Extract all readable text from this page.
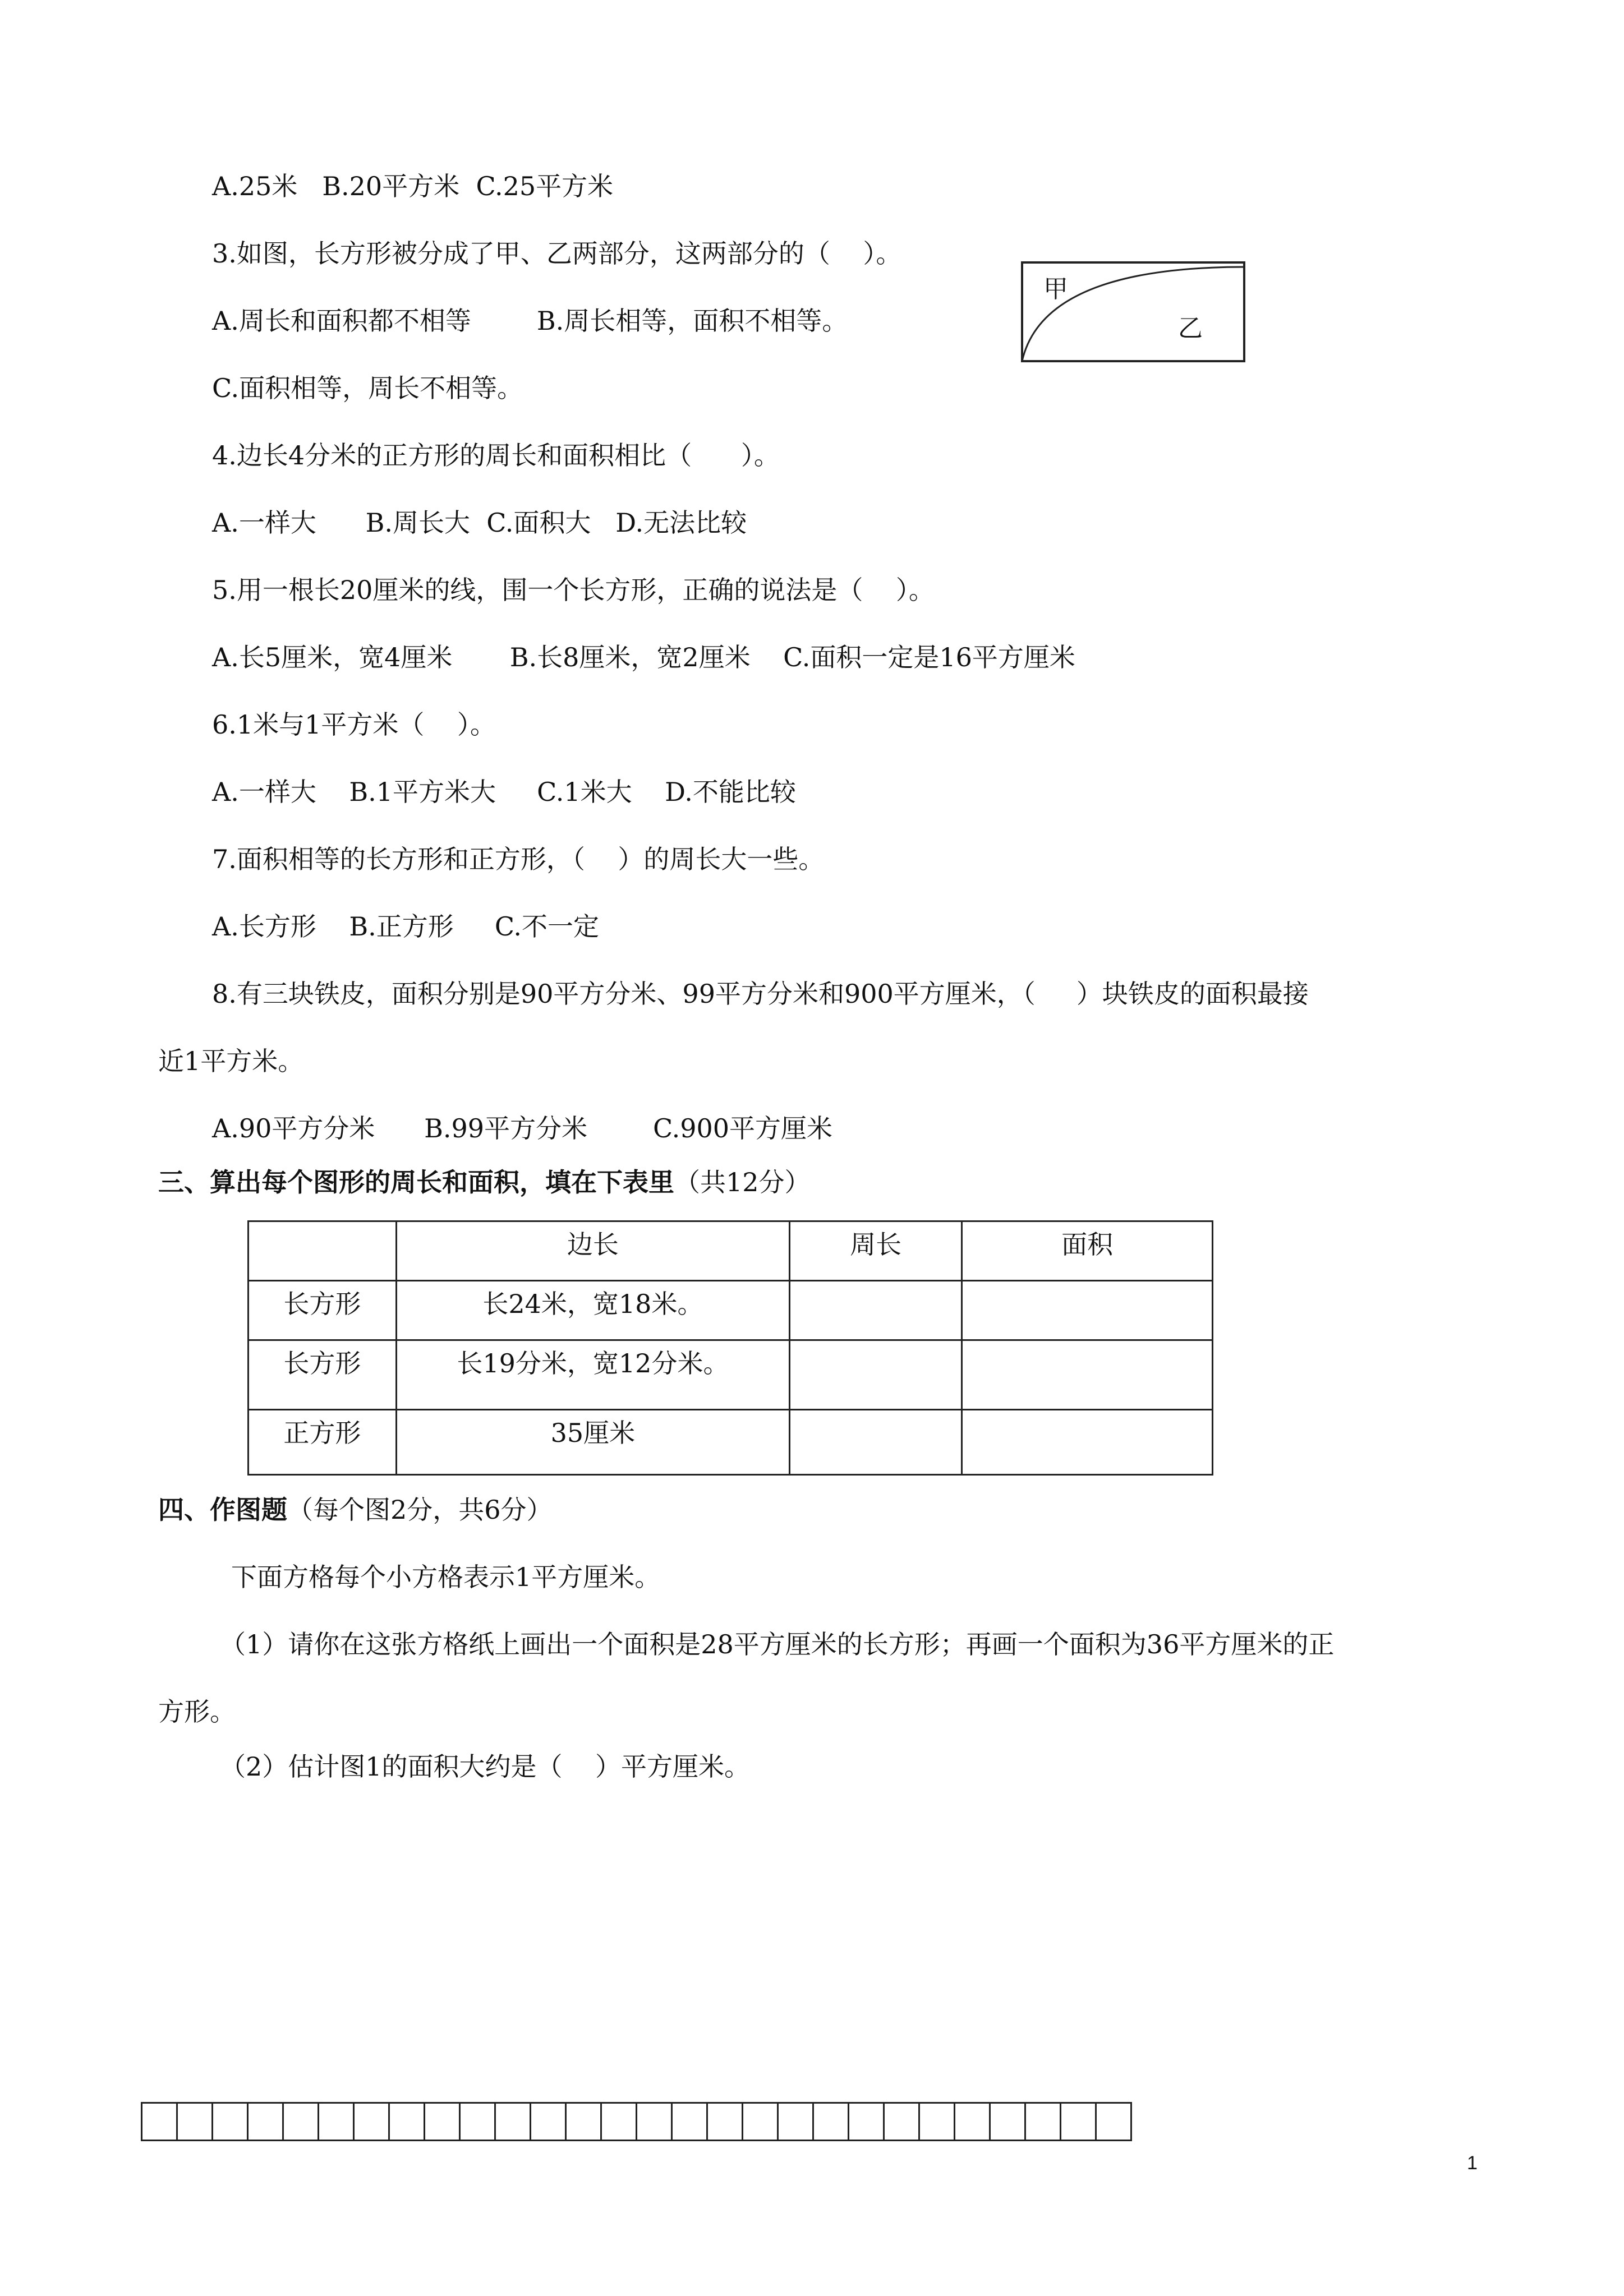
A.25米   B.20平方米  C.25平方米
3.如图，长方形被分成了甲、乙两部分，这两部分的（    ）。
A.周长和面积都不相等        B.周长相等，面积不相等。
C.面积相等，周长不相等。
4.边长4分米的正方形的周长和面积相比（      ）。
A.一样大      B.周长大  C.面积大   D.无法比较
5.用一根长20厘米的线，围一个长方形，正确的说法是（    ）。
A.长5厘米，宽4厘米       B.长8厘米，宽2厘米    C.面积一定是16平方厘米
6.1米与1平方米（    ）。
A.一样大    B.1平方米大     C.1米大    D.不能比较
7.面积相等的长方形和正方形，（    ）的周长大一些。
A.长方形    B.正方形     C.不一定
8.有三块铁皮，面积分别是90平方分米、99平方分米和900平方厘米，（     ）块铁皮的面积最接
近1平方米。
A.90平方分米      B.99平方分米        C.900平方厘米
甲
乙
三、算出每个图形的周长和面积，填在下表里（共12分）
	边长	周长	面积
长方形	长24米，宽18米。		
长方形	长19分米，宽12分米。		
正方形	35厘米		
四、作图题（每个图2分，共6分）
下面方格每个小方格表示1平方厘米。
（1）请你在这张方格纸上画出一个面积是28平方厘米的长方形；再画一个面积为36平方厘米的正
方形。
（2）估计图1的面积大约是（    ）平方厘米。
1
